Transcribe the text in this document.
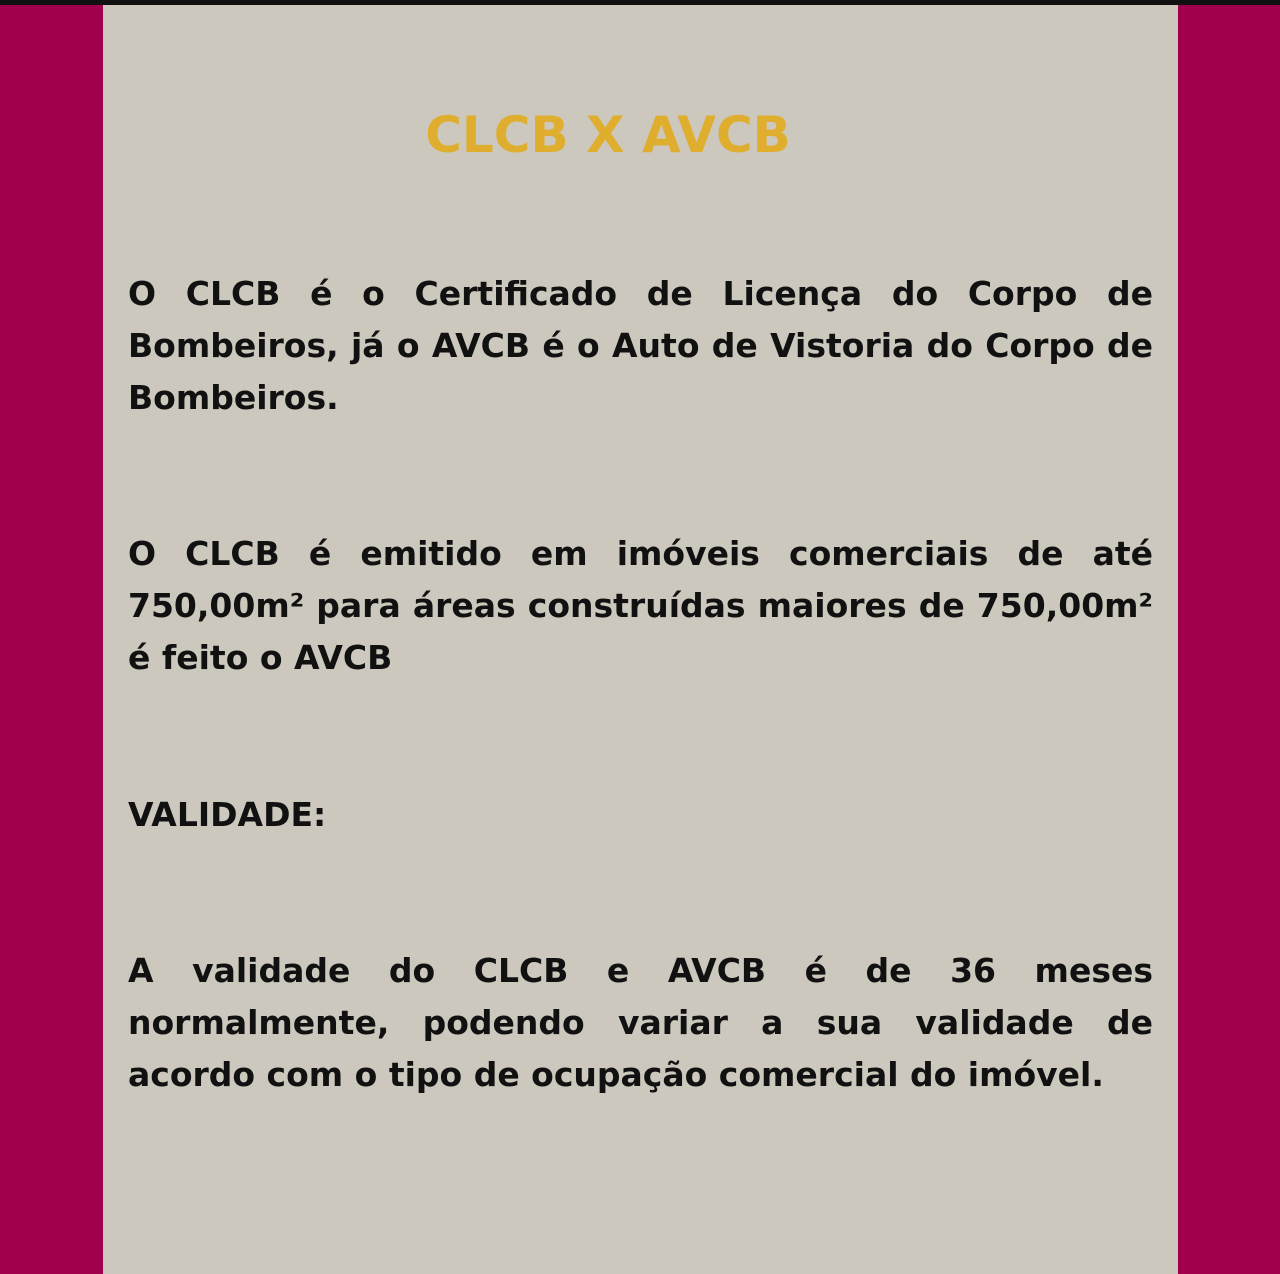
CLCB X AVCB

O CLCB é o Certificado de Licença do Corpo de Bombeiros, já o AVCB é o Auto de Vistoria do Corpo de Bombeiros.

O CLCB é emitido em imóveis comerciais de até 750,00m² para áreas construídas maiores de 750,00m² é feito o AVCB

VALIDADE:

A validade do CLCB e AVCB é de 36 meses normalmente, podendo variar a sua validade de acordo com o tipo de ocupação comercial do imóvel.
